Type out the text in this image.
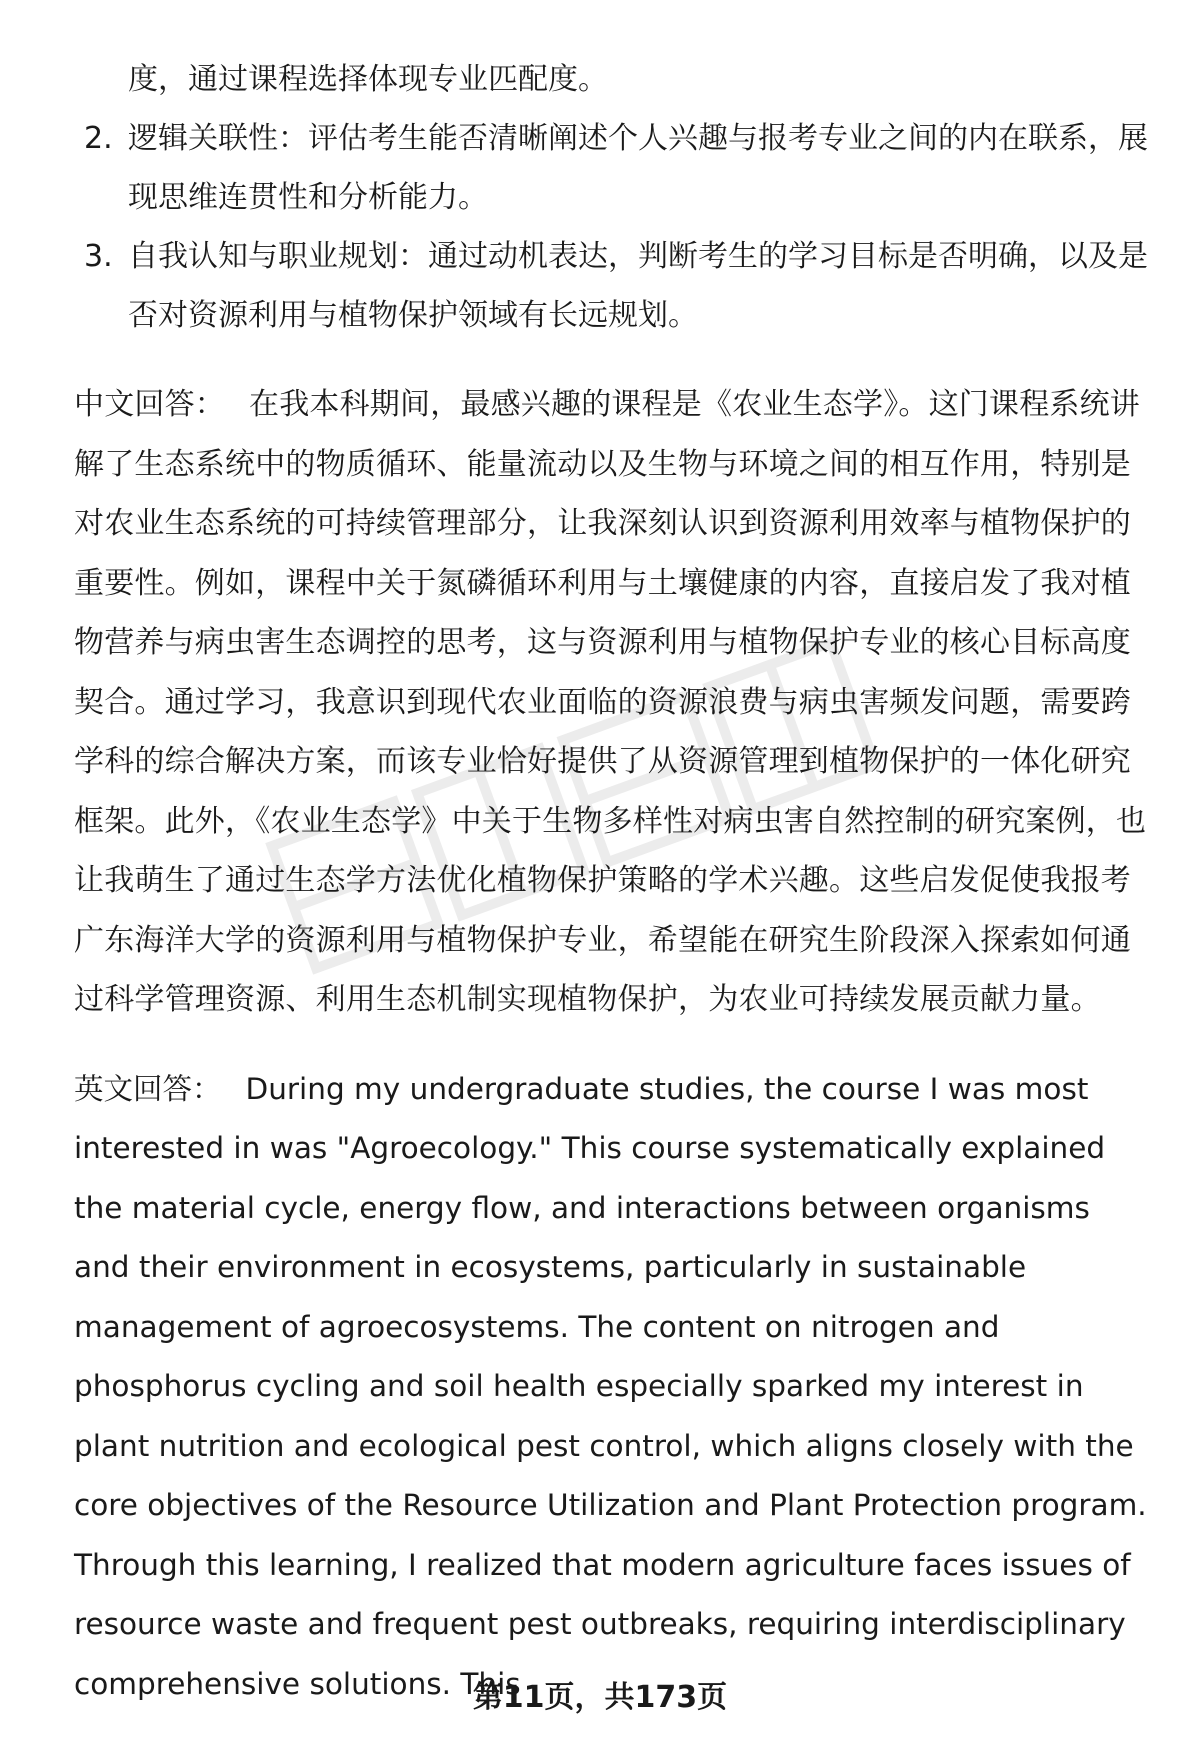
度，通过课程选择体现专业匹配度。
2. 逻辑关联性：评估考生能否清晰阐述个人兴趣与报考专业之间的内在联系，展现思维连贯性和分析能力。
3. 自我认知与职业规划：通过动机表达，判断考生的学习目标是否明确，以及是否对资源利用与植物保护领域有长远规划。

中文回答： 在我本科期间，最感兴趣的课程是《农业生态学》。这门课程系统讲解了生态系统中的物质循环、能量流动以及生物与环境之间的相互作用，特别是对农业生态系统的可持续管理部分，让我深刻认识到资源利用效率与植物保护的重要性。例如，课程中关于氮磷循环利用与土壤健康的内容，直接启发了我对植物营养与病虫害生态调控的思考，这与资源利用与植物保护专业的核心目标高度契合。通过学习，我意识到现代农业面临的资源浪费与病虫害频发问题，需要跨学科的综合解决方案，而该专业恰好提供了从资源管理到植物保护的一体化研究框架。此外，《农业生态学》中关于生物多样性对病虫害自然控制的研究案例，也让我萌生了通过生态学方法优化植物保护策略的学术兴趣。这些启发促使我报考广东海洋大学的资源利用与植物保护专业，希望能在研究生阶段深入探索如何通过科学管理资源、利用生态机制实现植物保护，为农业可持续发展贡献力量。

英文回答： During my undergraduate studies, the course I was most interested in was "Agroecology." This course systematically explained the material cycle, energy flow, and interactions between organisms and their environment in ecosystems, particularly in sustainable management of agroecosystems. The content on nitrogen and phosphorus cycling and soil health especially sparked my interest in plant nutrition and ecological pest control, which aligns closely with the core objectives of the Resource Utilization and Plant Protection program. Through this learning, I realized that modern agriculture faces issues of resource waste and frequent pest outbreaks, requiring interdisciplinary comprehensive solutions. This

第11页，共173页
